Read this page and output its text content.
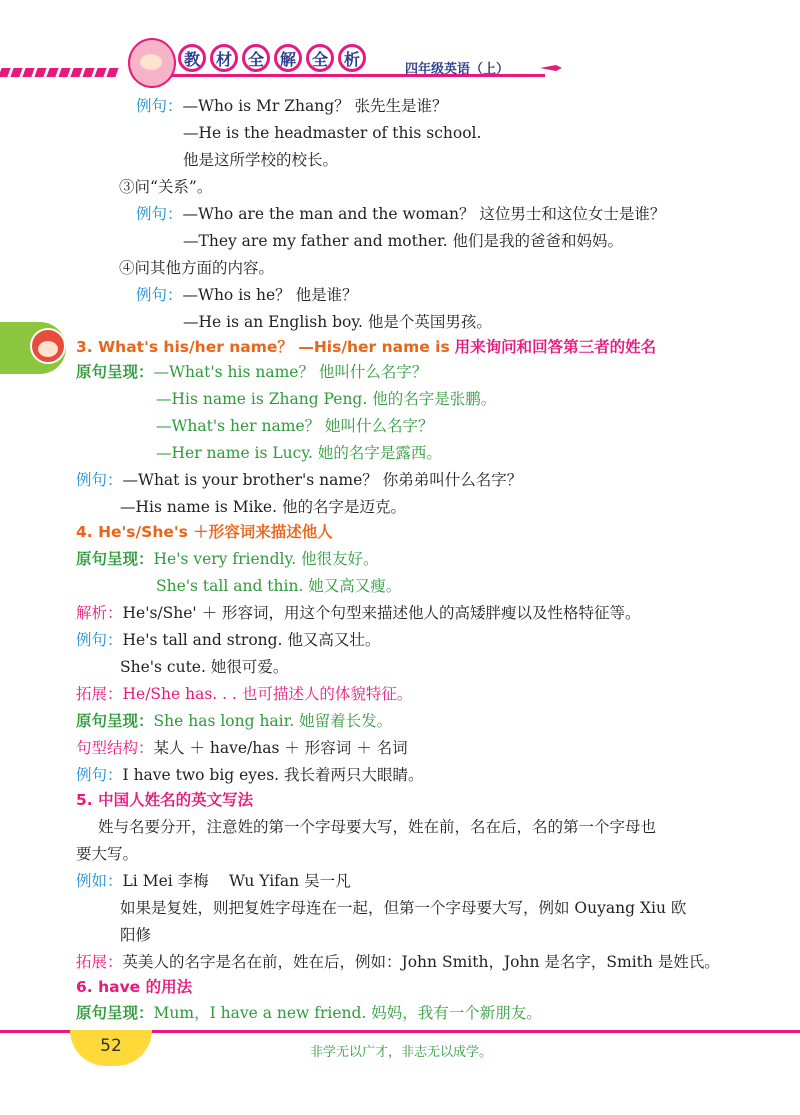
教 材 全 解 全 析
四年级英语（上）
例句：—Who is Mr Zhang？ 张先生是谁？
—He is the headmaster of this school.
他是这所学校的校长。
③问“关系”。
例句：—Who are the man and the woman？ 这位男士和这位女士是谁？
—They are my father and mother. 他们是我的爸爸和妈妈。
④问其他方面的内容。
例句：—Who is he？ 他是谁？
—He is an English boy. 他是个英国男孩。
3. What's his/her name？ —His/her name is 用来询问和回答第三者的姓名
原句呈现：—What's his name？ 他叫什么名字？
—His name is Zhang Peng. 他的名字是张鹏。
—What's her name？ 她叫什么名字？
—Her name is Lucy. 她的名字是露西。
例句：—What is your brother's name？ 你弟弟叫什么名字？
—His name is Mike. 他的名字是迈克。
4. He's/She's ＋形容词来描述他人
原句呈现：He's very friendly. 他很友好。
She's tall and thin. 她又高又瘦。
解析：He's/She' ＋ 形容词，用这个句型来描述他人的高矮胖瘦以及性格特征等。
例句：He's tall and strong. 他又高又壮。
She's cute. 她很可爱。
拓展：He/She has. . . 也可描述人的体貌特征。
原句呈现：She has long hair. 她留着长发。
句型结构：某人 ＋ have/has ＋ 形容词 ＋ 名词
例句：I have two big eyes. 我长着两只大眼睛。
5. 中国人姓名的英文写法
姓与名要分开，注意姓的第一个字母要大写，姓在前，名在后，名的第一个字母也
要大写。
例如：Li Mei 李梅　 Wu Yifan 吴一凡
如果是复姓，则把复姓字母连在一起，但第一个字母要大写，例如 Ouyang Xiu 欧
阳修
拓展：英美人的名字是名在前，姓在后，例如：John Smith，John 是名字，Smith 是姓氏。
6. have 的用法
原句呈现：Mum，I have a new friend. 妈妈，我有一个新朋友。
52	非学无以广才，非志无以成学。
